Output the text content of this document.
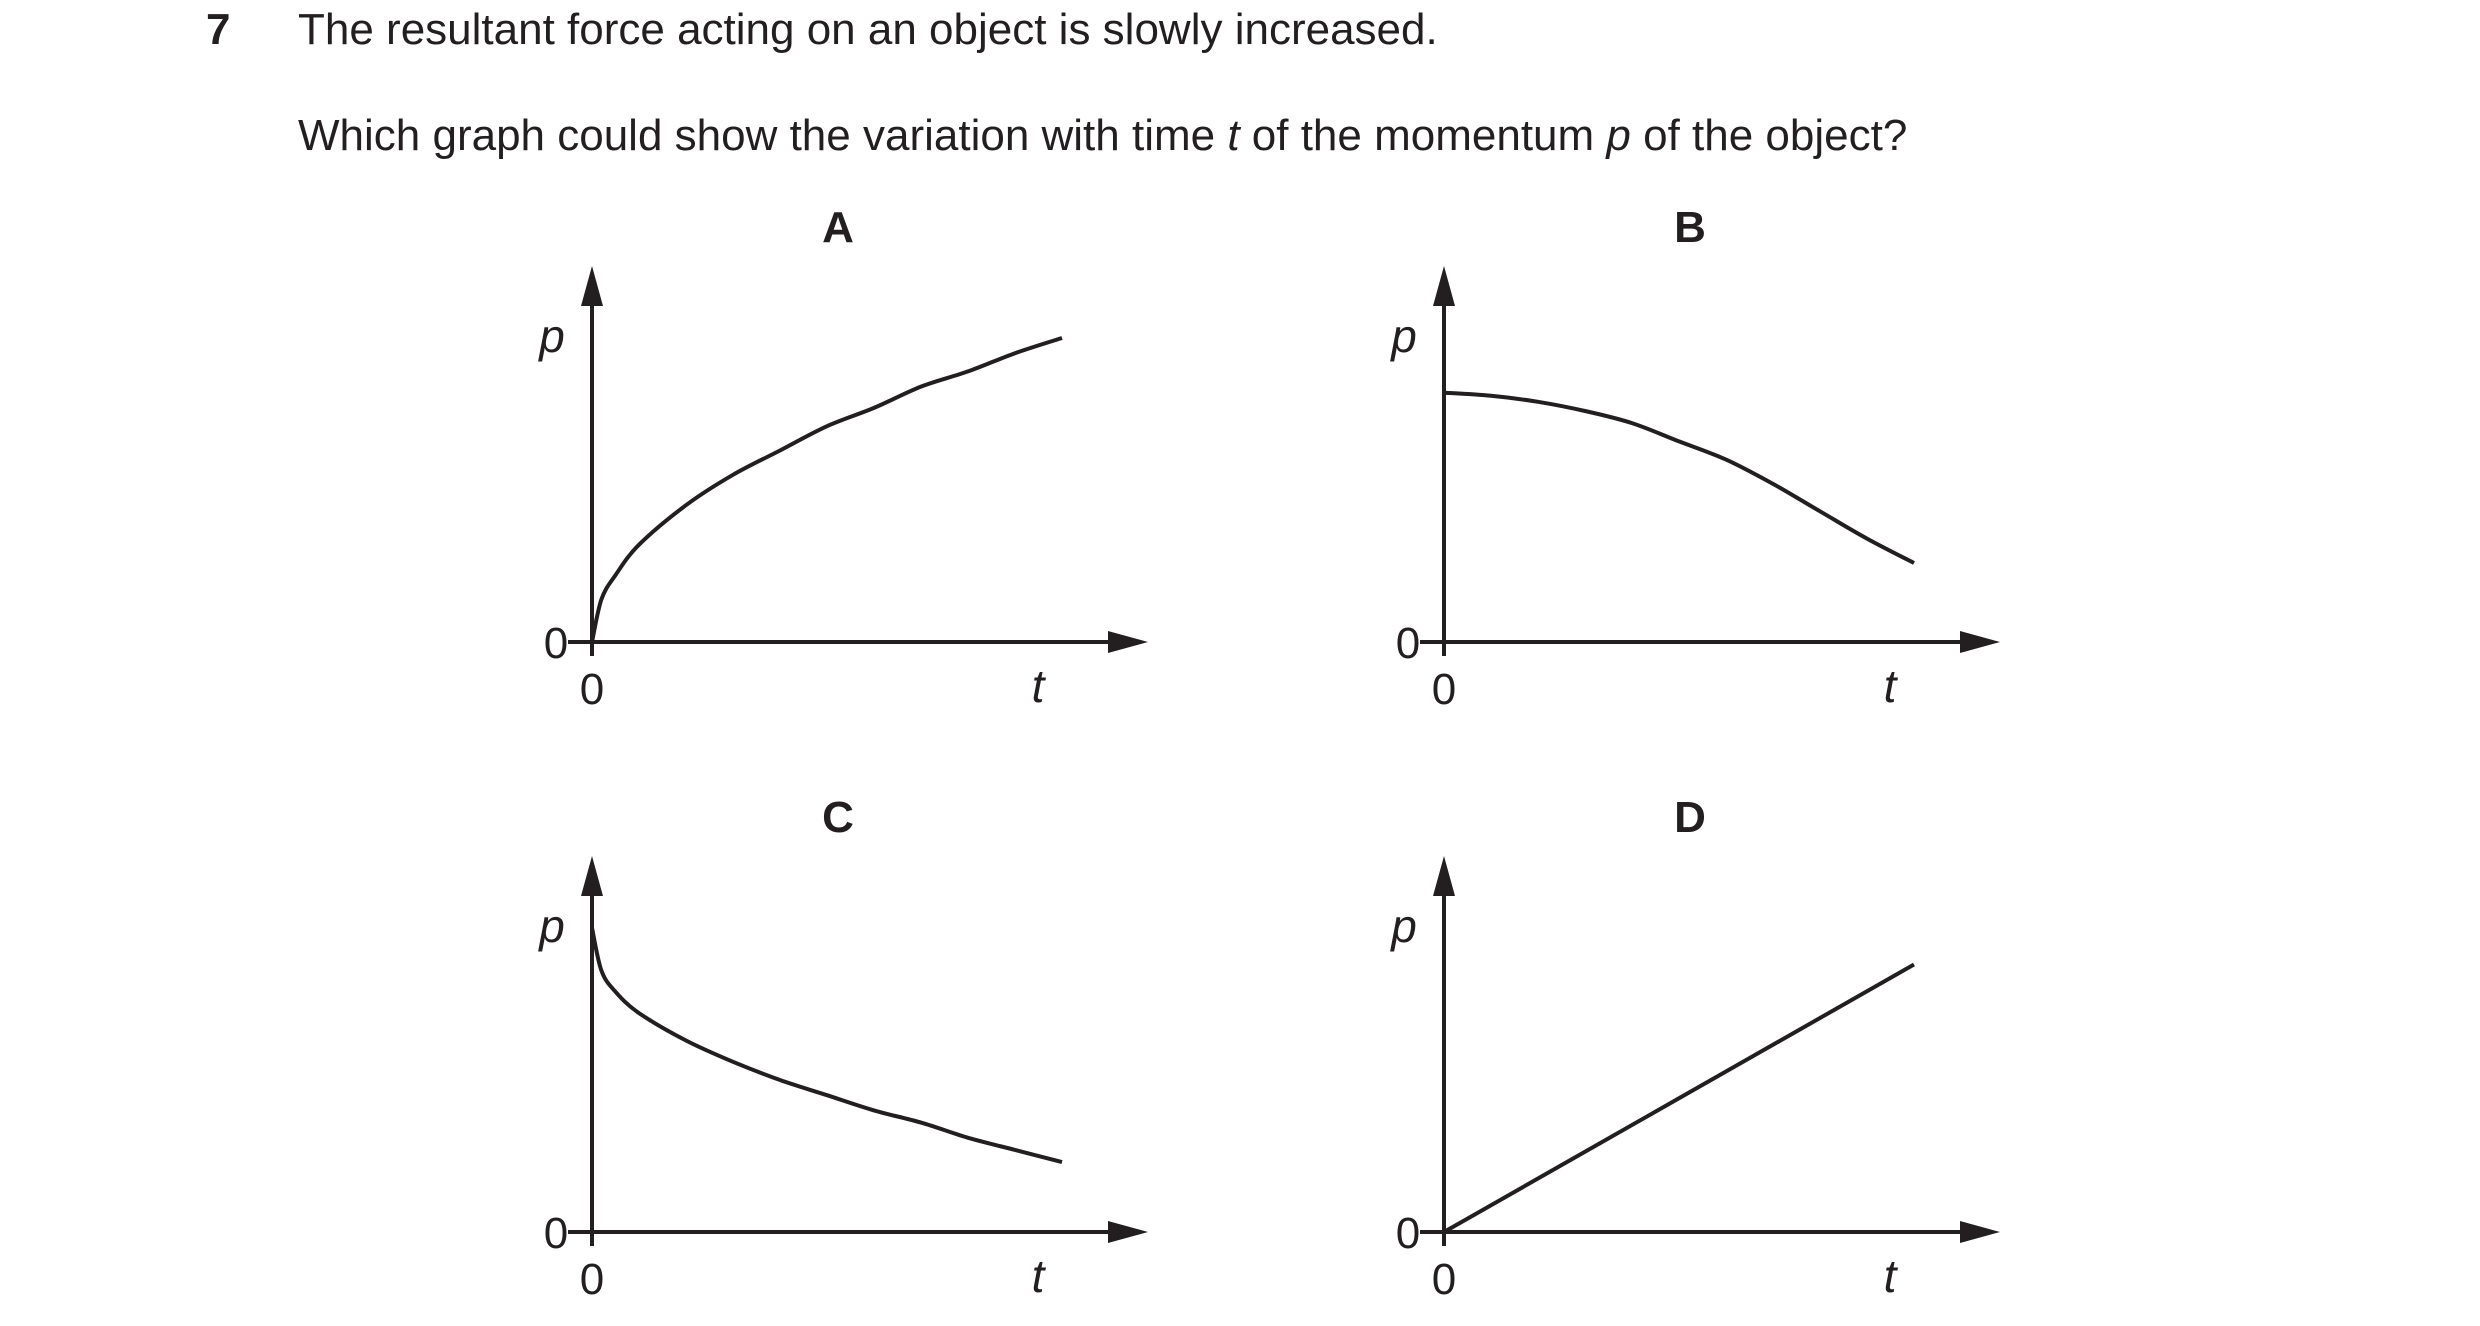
7 The resultant force acting on an object is slowly increased.
Which graph could show the variation with time t of the momentum p of the object?
A
0
0
p
t
B
0
0
p
t
C
0
0
p
t
D
0
0
p
t
